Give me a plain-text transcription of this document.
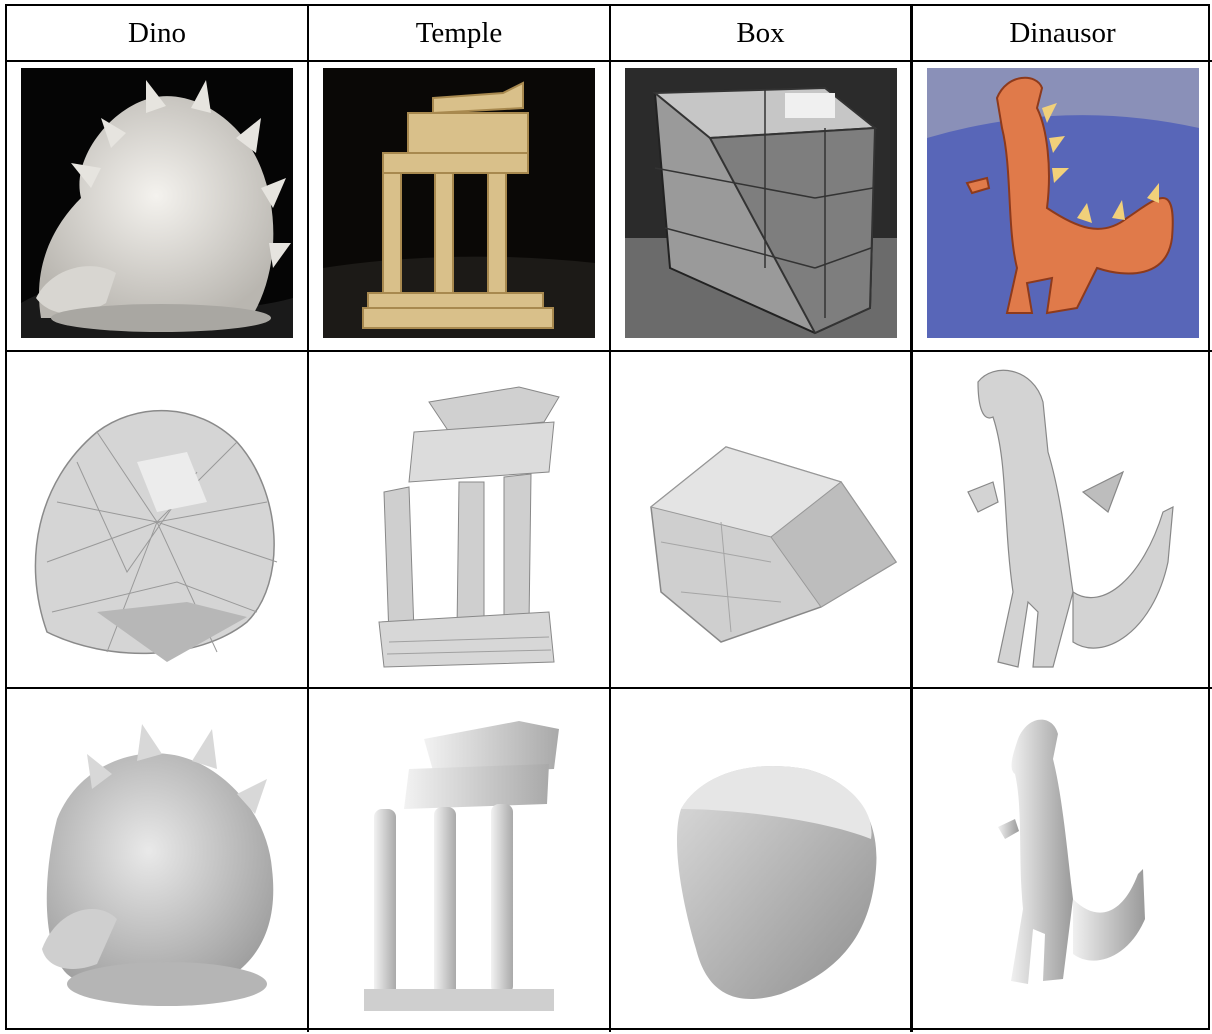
Dino	Temple	Box	Dinausor
